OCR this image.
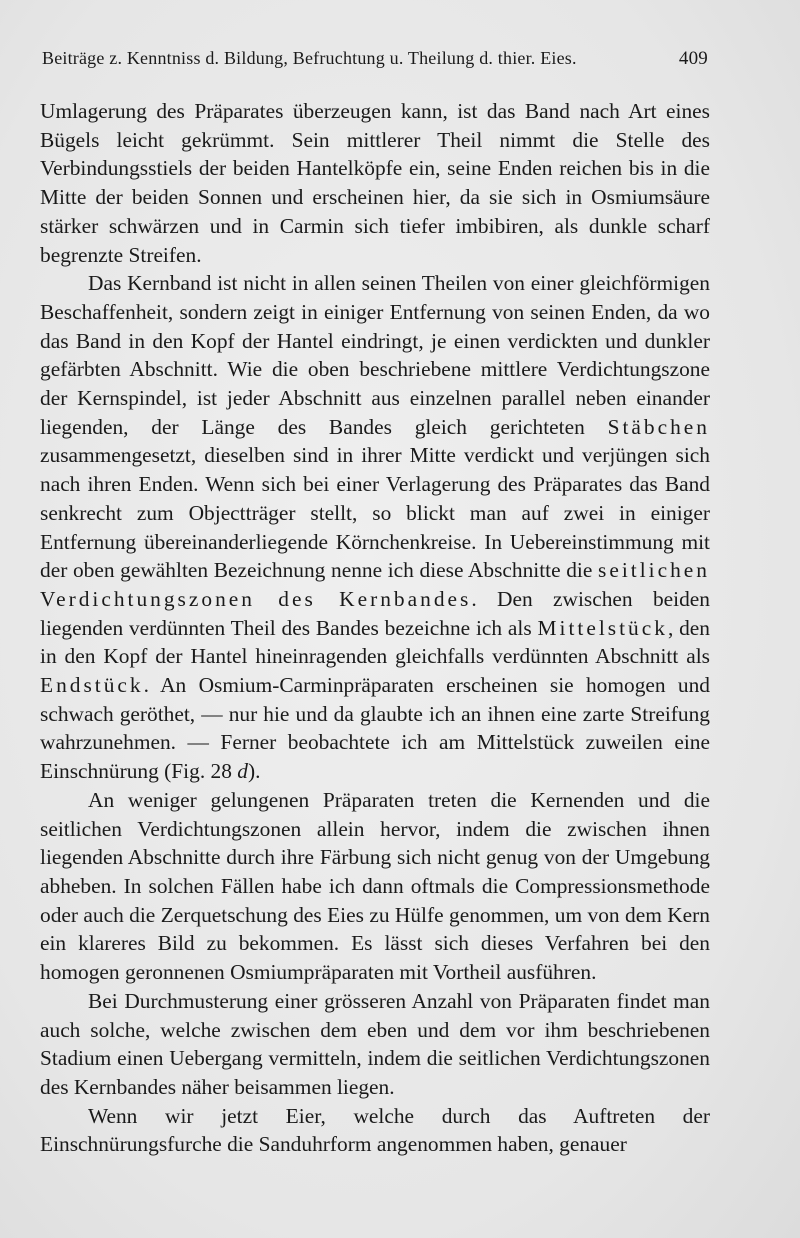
Beiträge z. Kenntniss d. Bildung, Befruchtung u. Theilung d. thier. Eies.	409

Umlagerung des Präparates überzeugen kann, ist das Band nach Art eines Bügels leicht gekrümmt. Sein mittlerer Theil nimmt die Stelle des Verbindungsstiels der beiden Hantelköpfe ein, seine Enden reichen bis in die Mitte der beiden Sonnen und erscheinen hier, da sie sich in Osmiumsäure stärker schwärzen und in Carmin sich tiefer imbibiren, als dunkle scharf begrenzte Streifen.

Das Kernband ist nicht in allen seinen Theilen von einer gleichförmigen Beschaffenheit, sondern zeigt in einiger Entfernung von seinen Enden, da wo das Band in den Kopf der Hantel eindringt, je einen verdickten und dunkler gefärbten Abschnitt. Wie die oben beschriebene mittlere Verdichtungszone der Kernspindel, ist jeder Abschnitt aus einzelnen parallel neben einander liegenden, der Länge des Bandes gleich gerichteten Stäbchen zusammengesetzt, dieselben sind in ihrer Mitte verdickt und verjüngen sich nach ihren Enden. Wenn sich bei einer Verlagerung des Präparates das Band senkrecht zum Objectträger stellt, so blickt man auf zwei in einiger Entfernung übereinanderliegende Körnchenkreise. In Uebereinstimmung mit der oben gewählten Bezeichnung nenne ich diese Abschnitte die seitlichen Verdichtungszonen des Kernbandes. Den zwischen beiden liegenden verdünnten Theil des Bandes bezeichne ich als Mittelstück, den in den Kopf der Hantel hineinragenden gleichfalls verdünnten Abschnitt als Endstück. An Osmium-Carminpräparaten erscheinen sie homogen und schwach geröthet, — nur hie und da glaubte ich an ihnen eine zarte Streifung wahrzunehmen. — Ferner beobachtete ich am Mittelstück zuweilen eine Einschnürung (Fig. 28 d).

An weniger gelungenen Präparaten treten die Kernenden und die seitlichen Verdichtungszonen allein hervor, indem die zwischen ihnen liegenden Abschnitte durch ihre Färbung sich nicht genug von der Umgebung abheben. In solchen Fällen habe ich dann oftmals die Compressionsmethode oder auch die Zerquetschung des Eies zu Hülfe genommen, um von dem Kern ein klareres Bild zu bekommen. Es lässt sich dieses Verfahren bei den homogen geronnenen Osmiumpräparaten mit Vortheil ausführen.

Bei Durchmusterung einer grösseren Anzahl von Präparaten findet man auch solche, welche zwischen dem eben und dem vor ihm beschriebenen Stadium einen Uebergang vermitteln, indem die seitlichen Verdichtungszonen des Kernbandes näher beisammen liegen.

Wenn wir jetzt Eier, welche durch das Auftreten der Einschnürungsfurche die Sanduhrform angenommen haben, genauer
